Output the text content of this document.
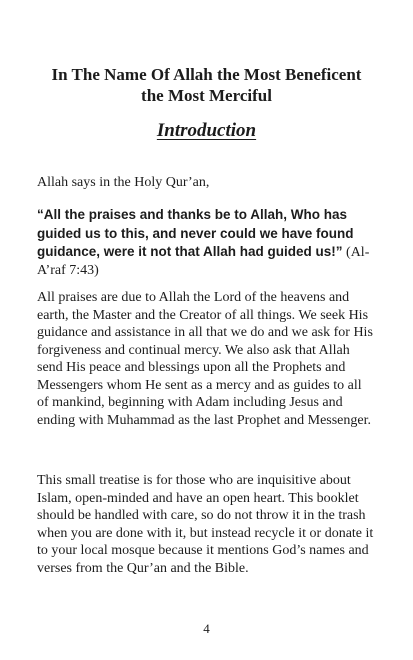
In The Name Of Allah the Most Beneficent
the Most Merciful
Introduction

Allah says in the Holy Qur’an,

“All the praises and thanks be to Allah, Who has guided us to this, and never could we have found guidance, were it not that Allah had guided us!” (Al-A’raf 7:43)

All praises are due to Allah the Lord of the heavens and earth, the Master and the Creator of all things. We seek His guidance and assistance in all that we do and we ask for His forgiveness and continual mercy. We also ask that Allah send His peace and blessings upon all the Prophets and Messengers whom He sent as a mercy and as guides to all of mankind, beginning with Adam including Jesus and ending with Muhammad as the last Prophet and Messenger.

This small treatise is for those who are inquisitive about Islam, open-minded and have an open heart. This booklet should be handled with care, so do not throw it in the trash when you are done with it, but instead recycle it or donate it to your local mosque because it mentions God’s names and verses from the Qur’an and the Bible.

4
